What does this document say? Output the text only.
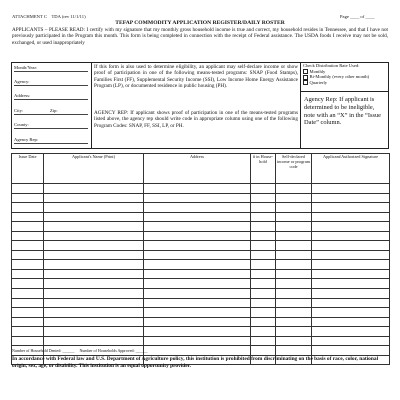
ATTACHMENT C TDA (rev 11/1/11)	Page ____ of ____
TEFAP COMMODITY APPLICATION REGISTER/DAILY ROSTER
APPLICANTS – PLEASE READ: I certify with my signature that my monthly gross household income is true and correct, my household resides in Tennessee, and that I have not previously participated in the Program this month. This form is being completed in connection with the receipt of Federal assistance. The USDA foods I receive may not be sold, exchanged, or used inappropriately
Month/Year:
Agency:
Address:
City:	Zip:
County:
Agency Rep:
If this form is also used to determine eligibility, an applicant may self-declare income or show proof of participation in one of the following means-tested programs: SNAP (Food Stamps), Families First (FF), Supplemental Security Income (SSI), Low Income Home Energy Assistance Program (LP), or documented residence in public housing (PH).
AGENCY REP: If applicant shows proof of participation in one of the means-tested programs listed above, the agency rep should write code in appropriate column using one of the following Program Codes: SNAP, FF, SSI, LP, or PH.
Check Distribution Rate Used:
Monthly
Bi-Monthly (every other month)
Quarterly
Agency Rep: If applicant is determined to be ineligible, note with an “X” in the “Issue Date” column.
Issue Date	Applicant's Name (Print)	Address	# in House-hold	Self-declared income or program code	Applicant/Authorized Signature

Number of Household Denied: ______     Number of Households Approved: ______
In accordance with Federal law and U.S. Department of Agriculture policy, this institution is prohibited from discriminating on the basis of race, color, national origin, sex, age, or disability. This institution is an equal opportunity provider.
